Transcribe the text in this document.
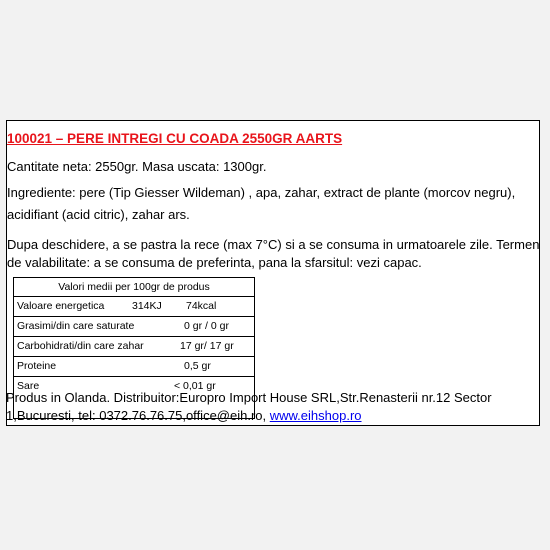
100021 – PERE INTREGI CU COADA 2550GR AARTS
Cantitate neta: 2550gr. Masa uscata: 1300gr.
Ingrediente: pere (Tip Giesser Wildeman) , apa, zahar, extract de plante (morcov negru),
acidifiant (acid citric), zahar ars.
Dupa deschidere, a se pastra la rece (max 7°C) si a se consuma in urmatoarele zile. Termen
de valabilitate: a se consuma de preferinta, pana la sfarsitul: vezi capac.
Valori medii per 100gr de produs
Valoare energetica	314KJ 74kcal
Grasimi/din care saturate	0 gr / 0 gr
Carbohidrati/din care zahar	17 gr/ 17 gr
Proteine	0,5 gr
Sare	< 0,01 gr
Produs in Olanda. Distribuitor:Europro Import House SRL,Str.Renasterii nr.12 Sector
1,Bucuresti, tel: 0372.76.76.75,office@eih.ro, www.eihshop.ro
